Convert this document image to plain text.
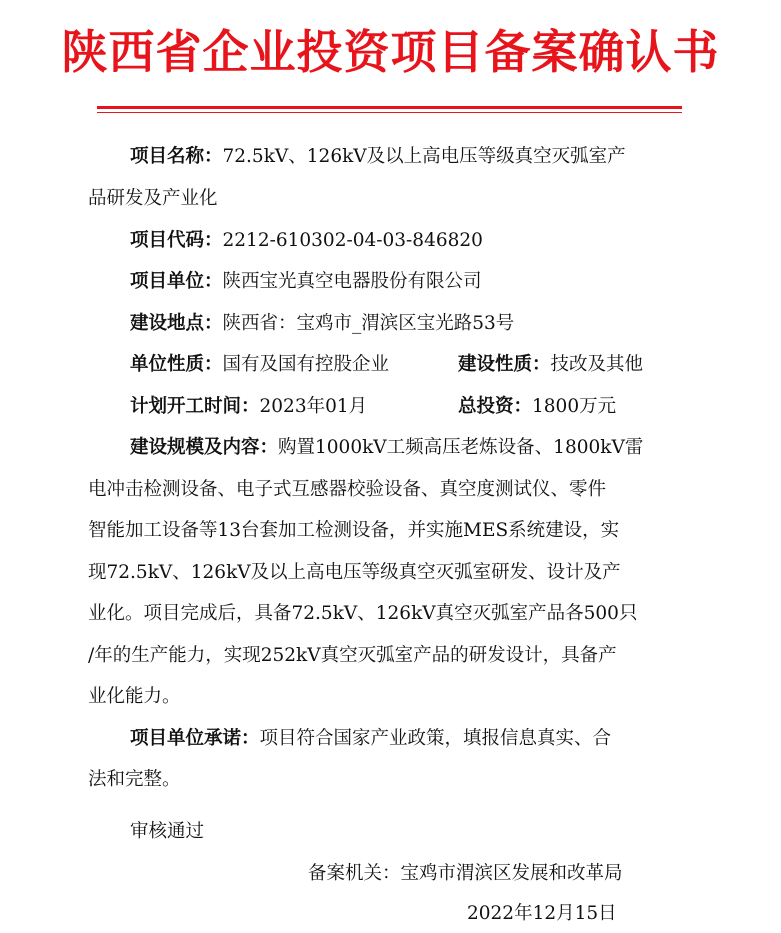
陕西省企业投资项目备案确认书
项目名称：72.5kV、126kV及以上高电压等级真空灭弧室产
品研发及产业化
项目代码：2212-610302-04-03-846820
项目单位：陕西宝光真空电器股份有限公司
建设地点：陕西省：宝鸡市_渭滨区宝光路53号
单位性质：国有及国有控股企业	建设性质：技改及其他
计划开工时间：2023年01月	总投资：1800万元
建设规模及内容：购置1000kV工频高压老炼设备、1800kV雷
电冲击检测设备、电子式互感器校验设备、真空度测试仪、零件
智能加工设备等13台套加工检测设备，并实施MES系统建设，实
现72.5kV、126kV及以上高电压等级真空灭弧室研发、设计及产
业化。项目完成后，具备72.5kV、126kV真空灭弧室产品各500只
/年的生产能力，实现252kV真空灭弧室产品的研发设计，具备产
业化能力。
项目单位承诺：项目符合国家产业政策，填报信息真实、合
法和完整。
审核通过
备案机关：宝鸡市渭滨区发展和改革局
2022年12月15日
